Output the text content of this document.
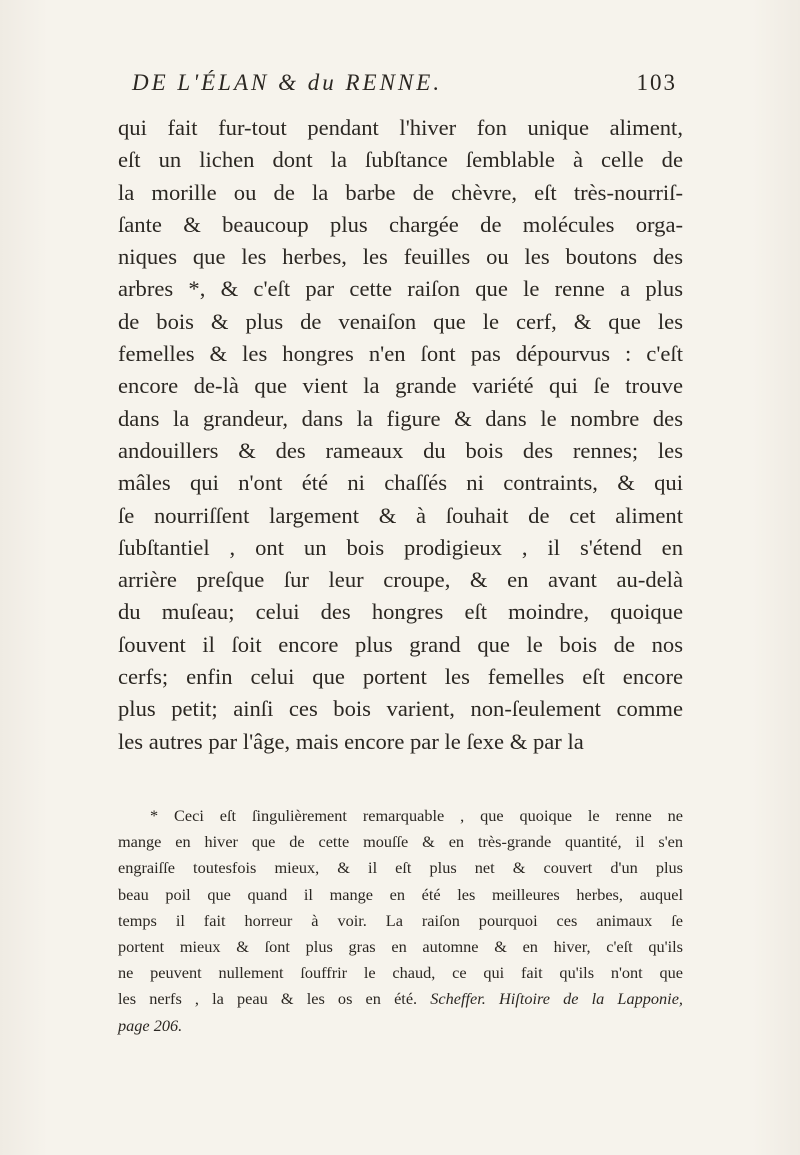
DE L'ÉLAN & du RENNE.	103
qui fait fur-tout pendant l'hiver fon unique aliment,
eſt un lichen dont la ſubſtance ſemblable à celle de
la morille ou de la barbe de chèvre, eſt très-nourriſ-
ſante & beaucoup plus chargée de molécules orga-
niques que les herbes, les feuilles ou les boutons des
arbres *, & c'eſt par cette raiſon que le renne a plus
de bois & plus de venaiſon que le cerf, & que les
femelles & les hongres n'en ſont pas dépourvus : c'eſt
encore de-là que vient la grande variété qui ſe trouve
dans la grandeur, dans la figure & dans le nombre des
andouillers & des rameaux du bois des rennes; les
mâles qui n'ont été ni chaſſés ni contraints, & qui
ſe nourriſſent largement & à ſouhait de cet aliment
ſubſtantiel , ont un bois prodigieux , il s'étend en
arrière preſque ſur leur croupe, & en avant au-delà
du muſeau; celui des hongres eſt moindre, quoique
ſouvent il ſoit encore plus grand que le bois de nos
cerfs; enfin celui que portent les femelles eſt encore
plus petit; ainſi ces bois varient, non-ſeulement comme
les autres par l'âge, mais encore par le ſexe & par la
* Ceci eſt ſingulièrement remarquable , que quoique le renne ne
mange en hiver que de cette mouſſe & en très-grande quantité, il s'en
engraiſſe toutesfois mieux, & il eſt plus net & couvert d'un plus
beau poil que quand il mange en été les meilleures herbes, auquel
temps il fait horreur à voir. La raiſon pourquoi ces animaux ſe
portent mieux & ſont plus gras en automne & en hiver, c'eſt qu'ils
ne peuvent nullement ſouffrir le chaud, ce qui fait qu'ils n'ont que
les nerfs , la peau & les os en été. Scheffer. Hiſtoire de la Lapponie,
page 206.
